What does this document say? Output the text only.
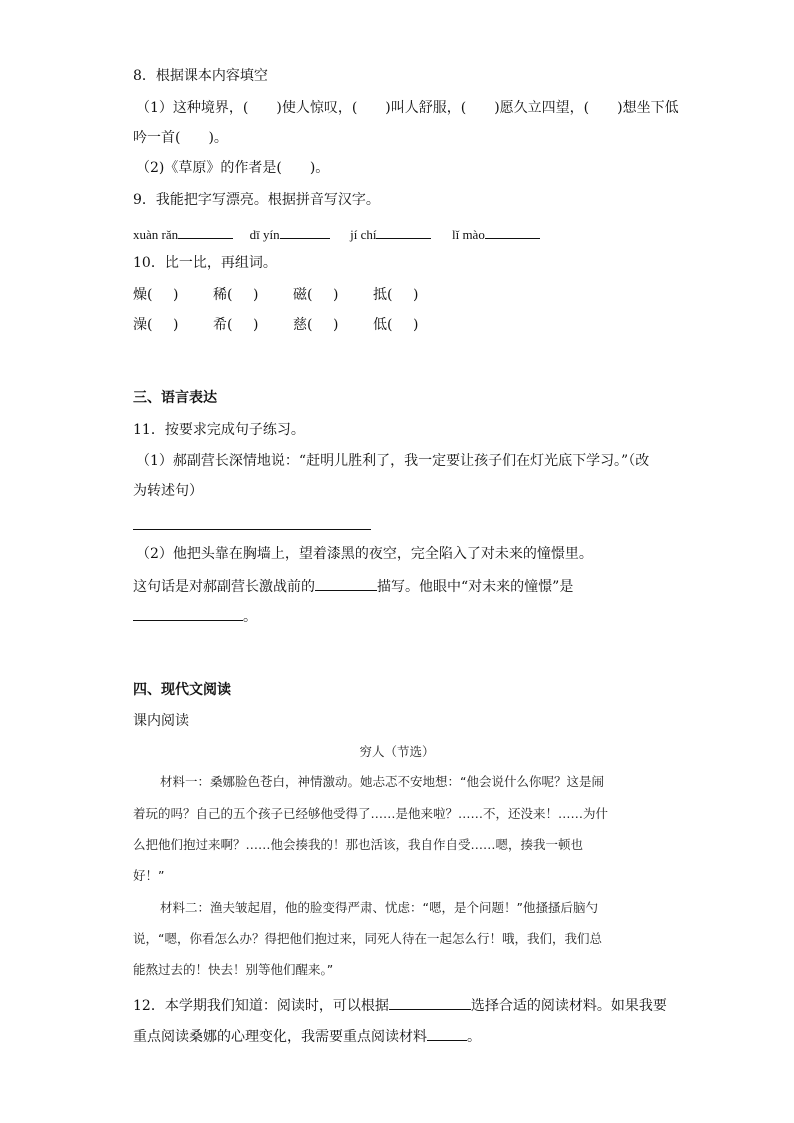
8．根据课本内容填空
（1）这种境界，(　　)使人惊叹，(　　)叫人舒服，(　　)愿久立四望，(　　)想坐下低
吟一首(　　)。
（2)《草原》的作者是(　　)。
9．我能把字写漂亮。根据拼音写汉字。
xuàn rǎn	dī yín	jí chí	lǐ mào
10．比一比，再组词。
燥( ) 稀( ) 磁( ) 抵( )
澡( ) 希( ) 慈( ) 低( )
三、语言表达
11．按要求完成句子练习。
（1）郝副营长深情地说：“赶明儿胜利了，我一定要让孩子们在灯光底下学习。”（改
为转述句）
（2）他把头靠在胸墙上，望着漆黑的夜空，完全陷入了对未来的憧憬里。
这句话是对郝副营长激战前的	描写。他眼中“对未来的憧憬”是
。
四、现代文阅读
课内阅读
穷人（节选）
材料一：桑娜脸色苍白，神情激动。她忐忑不安地想：“他会说什么你呢？这是闹
着玩的吗？自己的五个孩子已经够他受得了……是他来啦？……不，还没来！……为什
么把他们抱过来啊？……他会揍我的！那也活该，我自作自受……嗯，揍我一顿也
好！”
材料二：渔夫皱起眉，他的脸变得严肃、忧虑：“嗯，是个问题！”他搔搔后脑勺
说，“嗯，你看怎么办？得把他们抱过来，同死人待在一起怎么行！哦，我们，我们总
能熬过去的！快去！别等他们醒来。”
12．本学期我们知道：阅读时，可以根据	选择合适的阅读材料。如果我要
重点阅读桑娜的心理变化，我需要重点阅读材料	。
